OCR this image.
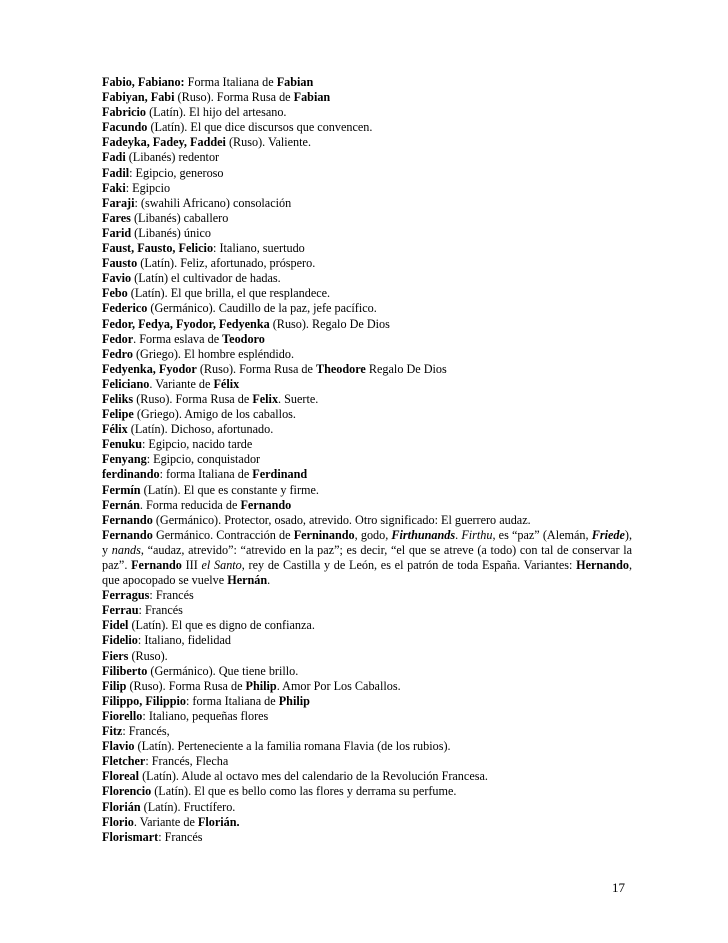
Fabio, Fabiano: Forma Italiana de Fabian
Fabiyan, Fabi (Ruso). Forma Rusa de Fabian
Fabricio (Latín). El hijo del artesano.
Facundo (Latín). El que dice discursos que convencen.
Fadeyka, Fadey, Faddei (Ruso). Valiente.
Fadi (Libanés) redentor
Fadil: Egipcio, generoso
Faki: Egipcio
Faraji: (swahili Africano) consolación
Fares (Libanés) caballero
Farid (Libanés) único
Faust, Fausto, Felicio: Italiano, suertudo
Fausto (Latín). Feliz, afortunado, próspero.
Favio (Latín) el cultivador de hadas.
Febo (Latín). El que brilla, el que resplandece.
Federico (Germánico). Caudillo de la paz, jefe pacífico.
Fedor, Fedya, Fyodor, Fedyenka (Ruso). Regalo De Dios
Fedor. Forma eslava de Teodoro
Fedro (Griego). El hombre espléndido.
Fedyenka, Fyodor (Ruso). Forma Rusa de Theodore Regalo De Dios
Feliciano. Variante de Félix
Feliks (Ruso). Forma Rusa de Felix. Suerte.
Felipe (Griego). Amigo de los caballos.
Félix (Latín). Dichoso, afortunado.
Fenuku: Egipcio, nacido tarde
Fenyang: Egipcio, conquistador
ferdinando: forma Italiana de Ferdinand
Fermín (Latín). El que es constante y firme.
Fernán. Forma reducida de Fernando
Fernando (Germánico). Protector, osado, atrevido. Otro significado: El guerrero audaz.
Fernando Germánico. Contracción de Ferninando, godo, Firthunands. Firthu, es “paz” (Alemán, Friede), y nands, “audaz, atrevido”: “atrevido en la paz”; es decir, “el que se atreve (a todo) con tal de conservar la paz”. Fernando III el Santo, rey de Castilla y de León, es el patrón de toda España. Variantes: Hernando, que apocopado se vuelve Hernán.
Ferragus: Francés
Ferrau: Francés
Fidel (Latín). El que es digno de confianza.
Fidelio: Italiano, fidelidad
Fiers (Ruso).
Filiberto (Germánico). Que tiene brillo.
Filip (Ruso). Forma Rusa de Philip. Amor Por Los Caballos.
Filippo, Filippio: forma Italiana de Philip
Fiorello: Italiano, pequeñas flores
Fitz: Francés,
Flavio (Latín). Perteneciente a la familia romana Flavia (de los rubios).
Fletcher: Francés, Flecha
Floreal (Latín). Alude al octavo mes del calendario de la Revolución Francesa.
Florencio (Latín). El que es bello como las flores y derrama su perfume.
Florián (Latín). Fructífero.
Florio. Variante de Florián.
Florismart: Francés
17
